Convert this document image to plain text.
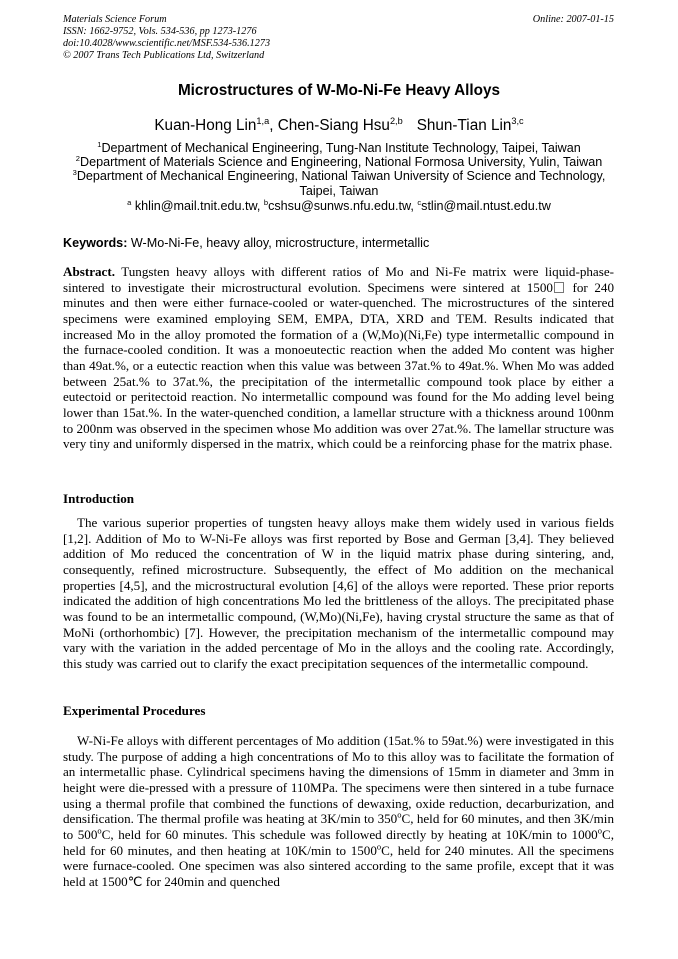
Materials Science Forum
ISSN: 1662-9752, Vols. 534-536, pp 1273-1276
doi:10.4028/www.scientific.net/MSF.534-536.1273
© 2007 Trans Tech Publications Ltd, Switzerland
Online: 2007-01-15
Microstructures of W-Mo-Ni-Fe Heavy Alloys
Kuan-Hong Lin$^{1,a}$, Chen-Siang Hsu$^{2,b}$ Shun-Tian Lin$^{3,c}$
$^1$Department of Mechanical Engineering, Tung-Nan Institute Technology, Taipei, Taiwan
$^2$Department of Materials Science and Engineering, National Formosa University, Yulin, Taiwan
$^3$Department of Mechanical Engineering, National Taiwan University of Science and Technology,
Taipei, Taiwan
$^a$ khlin@mail.tnit.edu.tw, $^b$cshsu@sunws.nfu.edu.tw, $^c$stlin@mail.ntust.edu.tw
Keywords: W-Mo-Ni-Fe, heavy alloy, microstructure, intermetallic
Abstract. Tungsten heavy alloys with different ratios of Mo and Ni-Fe matrix were liquid-phase-sintered to investigate their microstructural evolution. Specimens were sintered at 1500 for 240 minutes and then were either furnace-cooled or water-quenched. The microstructures of the sintered specimens were examined employing SEM, EMPA, DTA, XRD and TEM. Results indicated that increased Mo in the alloy promoted the formation of a (W,Mo)(Ni,Fe) type intermetallic compound in the furnace-cooled condition. It was a monoeutectic reaction when the added Mo content was higher than 49at.%, or a eutectic reaction when this value was between 37at.% to 49at.%. When Mo was added between 25at.% to 37at.%, the precipitation of the intermetallic compound took place by either a eutectoid or peritectoid reaction. No intermetallic compound was found for the Mo adding level being lower than 15at.%. In the water-quenched condition, a lamellar structure with a thickness around 100nm to 200nm was observed in the specimen whose Mo addition was over 27at.%. The lamellar structure was very tiny and uniformly dispersed in the matrix, which could be a reinforcing phase for the matrix phase.
Introduction
The various superior properties of tungsten heavy alloys make them widely used in various fields [1,2]. Addition of Mo to W-Ni-Fe alloys was first reported by Bose and German [3,4]. They believed addition of Mo reduced the concentration of W in the liquid matrix phase during sintering, and, consequently, refined microstructure. Subsequently, the effect of Mo addition on the mechanical properties [4,5], and the microstructural evolution [4,6] of the alloys were reported. These prior reports indicated the addition of high concentrations Mo led the brittleness of the alloys. The precipitated phase was found to be an intermetallic compound, (W,Mo)(Ni,Fe), having crystal structure the same as that of MoNi (orthorhombic) [7]. However, the precipitation mechanism of the intermetallic compound may vary with the variation in the added percentage of Mo in the alloys and the cooling rate. Accordingly, this study was carried out to clarify the exact precipitation sequences of the intermetallic compound.
Experimental Procedures
W-Ni-Fe alloys with different percentages of Mo addition (15at.% to 59at.%) were investigated in this study. The purpose of adding a high concentrations of Mo to this alloy was to facilitate the formation of an intermetallic phase. Cylindrical specimens having the dimensions of 15mm in diameter and 3mm in height were die-pressed with a pressure of 110MPa. The specimens were then sintered in a tube furnace using a thermal profile that combined the functions of dewaxing, oxide reduction, decarburization, and densification. The thermal profile was heating at 3K/min to 350$^o$C, held for 60 minutes, and then 3K/min to 500$^o$C, held for 60 minutes. This schedule was followed directly by heating at 10K/min to 1000$^o$C, held for 60 minutes, and then heating at 10K/min to 1500$^o$C, held for 240 minutes. All the specimens were furnace-cooled. One specimen was also sintered according to the same profile, except that it was held at 1500℃ for 240min and quenched
